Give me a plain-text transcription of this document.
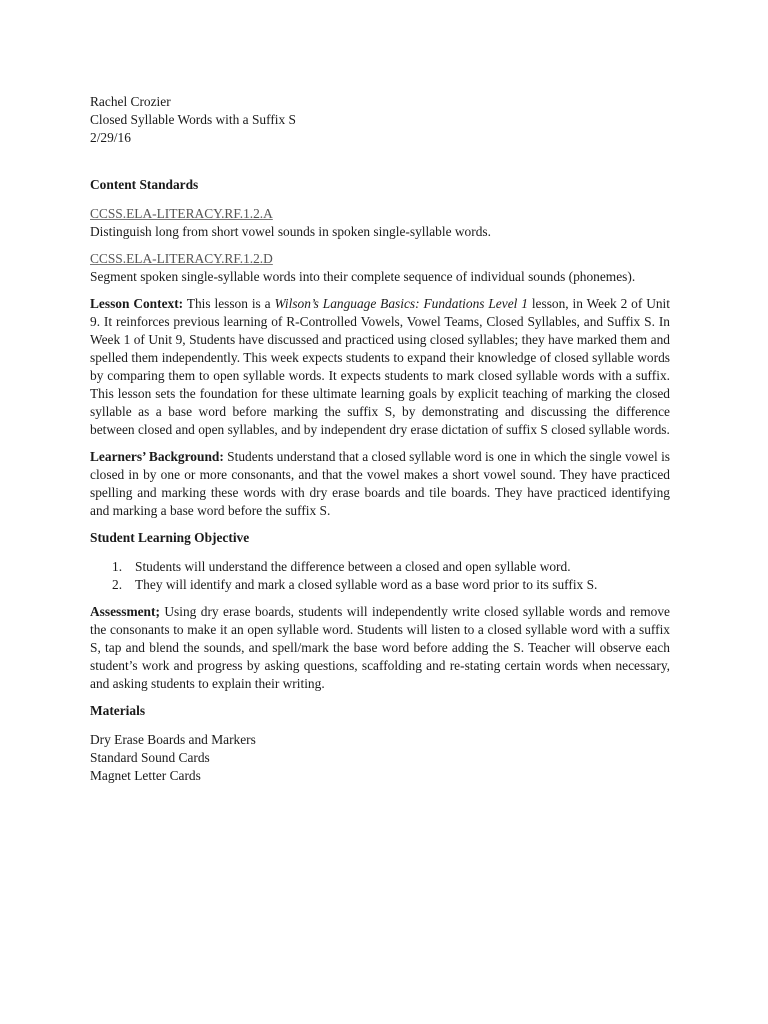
Rachel Crozier
Closed Syllable Words with a Suffix S
2/29/16

Content Standards

CCSS.ELA-LITERACY.RF.1.2.A
Distinguish long from short vowel sounds in spoken single-syllable words.
CCSS.ELA-LITERACY.RF.1.2.D
Segment spoken single-syllable words into their complete sequence of individual sounds (phonemes).

Lesson Context: This lesson is a Wilson’s Language Basics: Fundations Level 1 lesson, in Week 2 of Unit 9. It reinforces previous learning of R-Controlled Vowels, Vowel Teams, Closed Syllables, and Suffix S. In Week 1 of Unit 9, Students have discussed and practiced using closed syllables; they have marked them and spelled them independently. This week expects students to expand their knowledge of closed syllable words by comparing them to open syllable words. It expects students to mark closed syllable words with a suffix. This lesson sets the foundation for these ultimate learning goals by explicit teaching of marking the closed syllable as a base word before marking the suffix S, by demonstrating and discussing the difference between closed and open syllables, and by independent dry erase dictation of suffix S closed syllable words.

Learners’ Background: Students understand that a closed syllable word is one in which the single vowel is closed in by one or more consonants, and that the vowel makes a short vowel sound. They have practiced spelling and marking these words with dry erase boards and tile boards. They have practiced identifying and marking a base word before the suffix S.

Student Learning Objective

1. Students will understand the difference between a closed and open syllable word.
2. They will identify and mark a closed syllable word as a base word prior to its suffix S.

Assessment; Using dry erase boards, students will independently write closed syllable words and remove the consonants to make it an open syllable word. Students will listen to a closed syllable word with a suffix S, tap and blend the sounds, and spell/mark the base word before adding the S. Teacher will observe each student’s work and progress by asking questions, scaffolding and re-stating certain words when necessary, and asking students to explain their writing.

Materials

Dry Erase Boards and Markers
Standard Sound Cards
Magnet Letter Cards
